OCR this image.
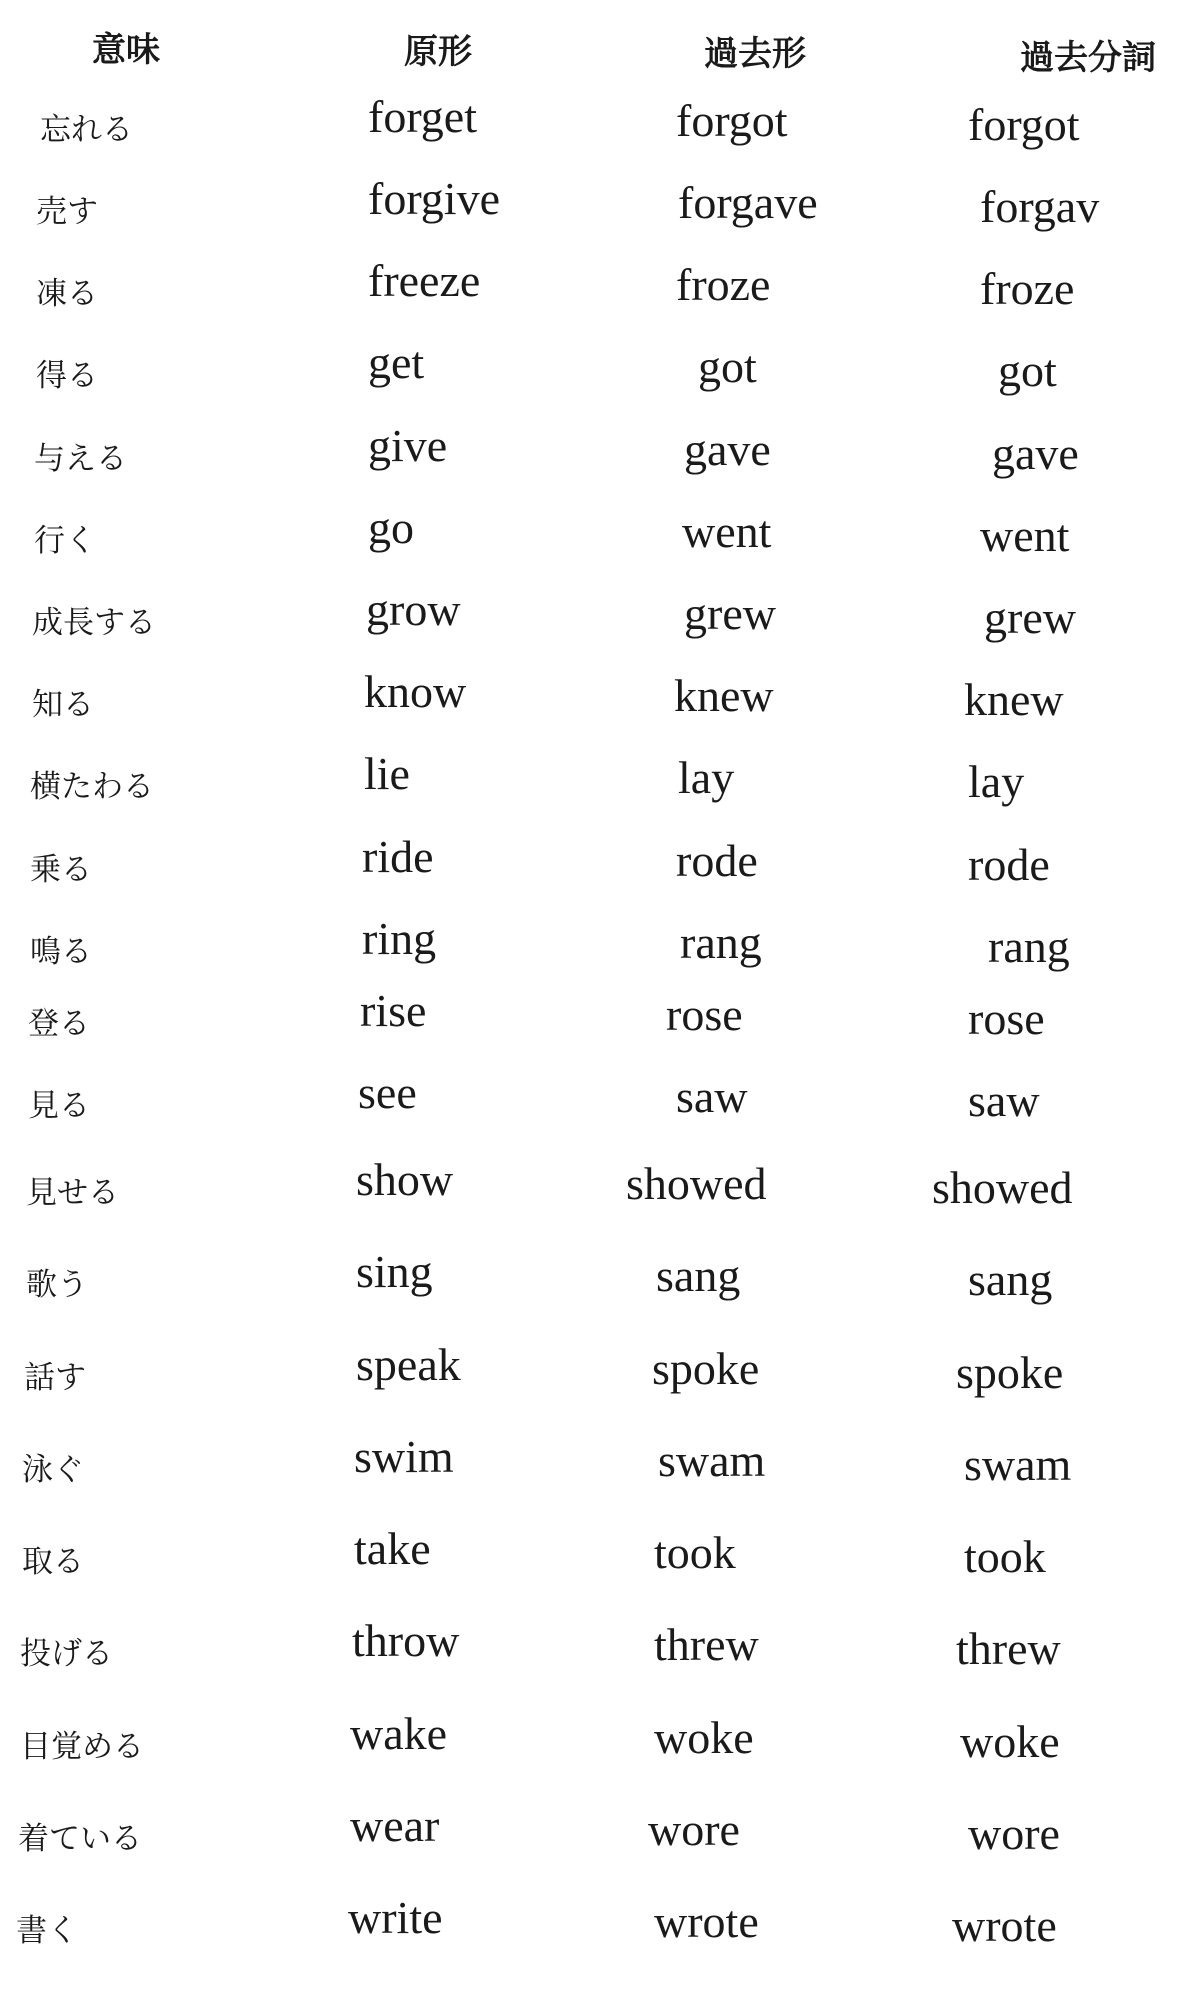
意味	原形	過去形	過去分詞
忘れる	forget	forgot	forgot
売す	forgive	forgave	forgav
凍る	freeze	froze	froze
得る	get	got	got
与える	give	gave	gave
行く	go	went	went
成長する	grow	grew	grew
知る	know	knew	knew
横たわる	lie	lay	lay
乗る	ride	rode	rode
鳴る	ring	rang	rang
登る	rise	rose	rose
見る	see	saw	saw
見せる	show	showed	showed
歌う	sing	sang	sang
話す	speak	spoke	spoke
泳ぐ	swim	swam	swam
取る	take	took	took
投げる	throw	threw	threw
目覚める	wake	woke	woke
着ている	wear	wore	wore
書く	write	wrote	wrote
